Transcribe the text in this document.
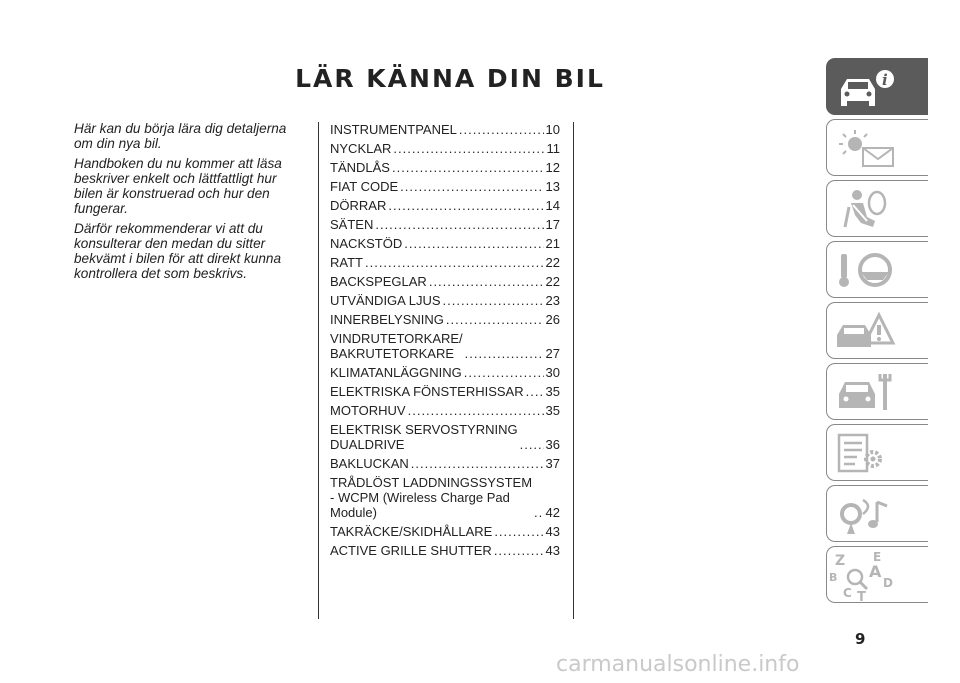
LÄR KÄNNA DIN BIL

Här kan du börja lära dig detaljerna om din nya bil.

Handboken du nu kommer att läsa beskriver enkelt och lättfattligt hur bilen är konstruerad och hur den fungerar.

Därför rekommenderar vi att du konsulterar den medan du sitter bekvämt i bilen för att direkt kunna kontrollera det som beskrivs.

INSTRUMENTPANEL .....	10
NYCKLAR .....	11
TÄNDLÅS .....	12
FIAT CODE .....	13
DÖRRAR .....	14
SÄTEN .....	17
NACKSTÖD .....	21
RATT .....	22
BACKSPEGLAR .....	22
UTVÄNDIGA LJUS .....	23
INNERBELYSNING .....	26
VINDRUTETORKARE/
BAKRUTETORKARE .....	27
KLIMATANLÄGGNING .....	30
ELEKTRISKA FÖNSTERHISSAR ..... 35
MOTORHUV .....	35
ELEKTRISK SERVOSTYRNING
DUALDRIVE .....	36
BAKLUCKAN .....	37
TRÅDLÖST LADDNINGSSYSTEM
- WCPM (Wireless Charge Pad
Module) .....	42
TAKRÄCKE/SKIDHÅLLARE .....	43
ACTIVE GRILLE SHUTTER .....	43
i
Z E
A
B
C T
D
9
carmanualsonline.info
